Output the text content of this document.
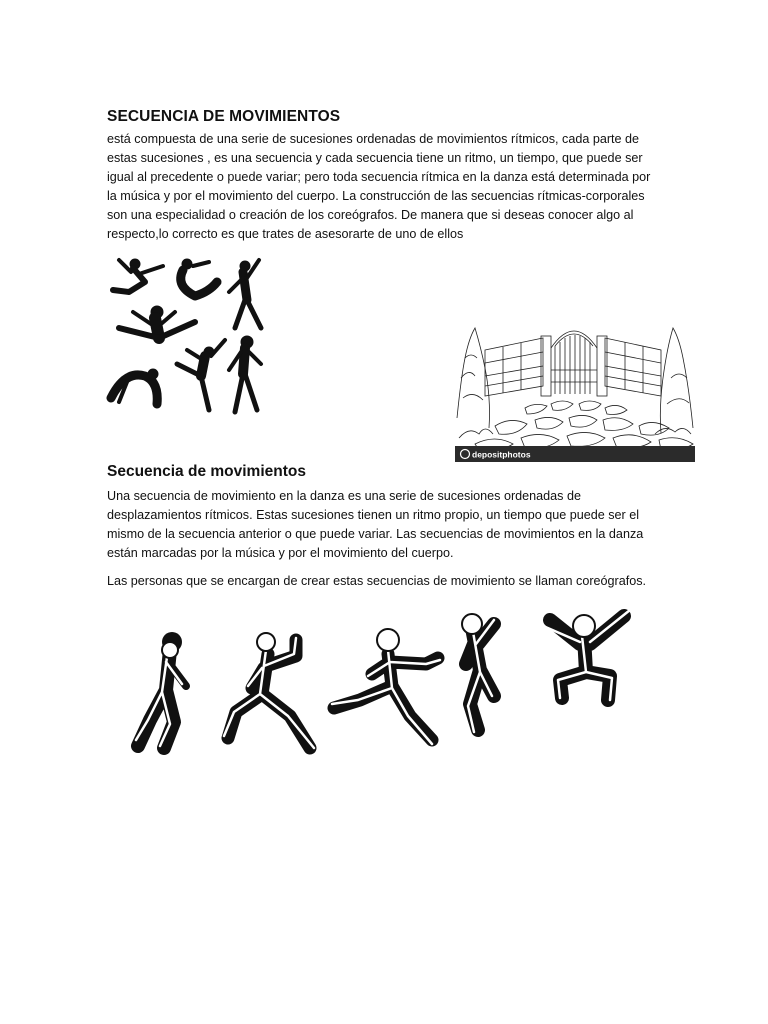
SECUENCIA DE MOVIMIENTOS
está compuesta de una serie de sucesiones ordenadas de movimientos rítmicos, cada parte de
estas sucesiones , es una secuencia y cada secuencia tiene un ritmo, un tiempo, que puede ser
igual al precedente o puede variar; pero toda secuencia rítmica en la danza está determinada por
la música y por el movimiento del cuerpo. La construcción de las secuencias rítmicas-corporales
son una especialidad o creación de los coreógrafos. De manera que si deseas conocer algo al
respecto,lo correcto es que trates de asesorarte de uno de ellos
depositphotos
Secuencia de movimientos
Una secuencia de movimiento en la danza es una serie de sucesiones ordenadas de
desplazamientos rítmicos. Estas sucesiones tienen un ritmo propio, un tiempo que puede ser el
mismo de la secuencia anterior o que puede variar. Las secuencias de movimientos en la danza
están marcadas por la música y por el movimiento del cuerpo.
Las personas que se encargan de crear estas secuencias de movimiento se llaman coreógrafos.
